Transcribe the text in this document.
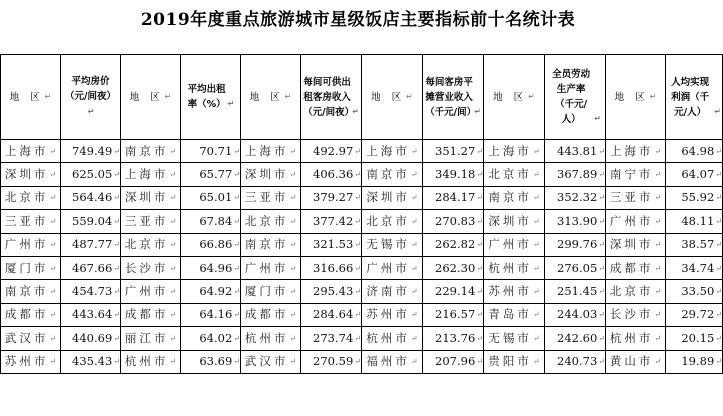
2019年度重点旅游城市星级饭店主要指标前十名统计表
地 区↵	平均房价（元/间夜）↵	地 区↵	平均出租率（%） ↵	地 区↵	每间可供出租客房收入（元/间夜）↵	地 区↵	每间客房平摊营业收入（千元/间）↵	地 区↵	全员劳动生产率（千元/人） ↵	地 区↵	人均实现利润（千元/人） ↵
上海市↵	749.49↵	南京市↵	70.71↵	上海市↵	492.97↵	上海市↵	351.27↵	上海市↵	443.81↵	上海市↵	64.98↵
深圳市↵	625.05↵	上海市↵	65.77↵	深圳市↵	406.36↵	南京市↵	349.18↵	北京市↵	367.89↵	南宁市↵	64.07↵
北京市↵	564.46↵	深圳市↵	65.01↵	三亚市↵	379.27↵	深圳市↵	284.17↵	南京市↵	352.32↵	三亚市↵	55.92↵
三亚市↵	559.04↵	三亚市↵	67.84↵	北京市↵	377.42↵	北京市↵	270.83↵	深圳市↵	313.90↵	广州市↵	48.11↵
广州市↵	487.77↵	北京市↵	66.86↵	南京市↵	321.53↵	无锡市↵	262.82↵	广州市↵	299.76↵	深圳市↵	38.57↵
厦门市↵	467.66↵	长沙市↵	64.96↵	广州市↵	316.66↵	广州市↵	262.30↵	杭州市↵	276.05↵	成都市↵	34.74↵
南京市↵	454.73↵	广州市↵	64.92↵	厦门市↵	295.43↵	济南市↵	229.14↵	苏州市↵	251.45↵	北京市↵	33.50↵
成都市↵	443.64↵	成都市↵	64.16↵	成都市↵	284.64↵	苏州市↵	216.57↵	青岛市↵	244.03↵	长沙市↵	29.72↵
武汉市↵	440.69↵	丽江市↵	64.02↵	杭州市↵	273.74↵	杭州市↵	213.76↵	无锡市↵	242.60↵	杭州市↵	20.15↵
苏州市↵	435.43↵	杭州市↵	63.69↵	武汉市↵	270.59↵	福州市↵	207.96↵	贵阳市↵	240.73↵	黄山市↵	19.89↵
